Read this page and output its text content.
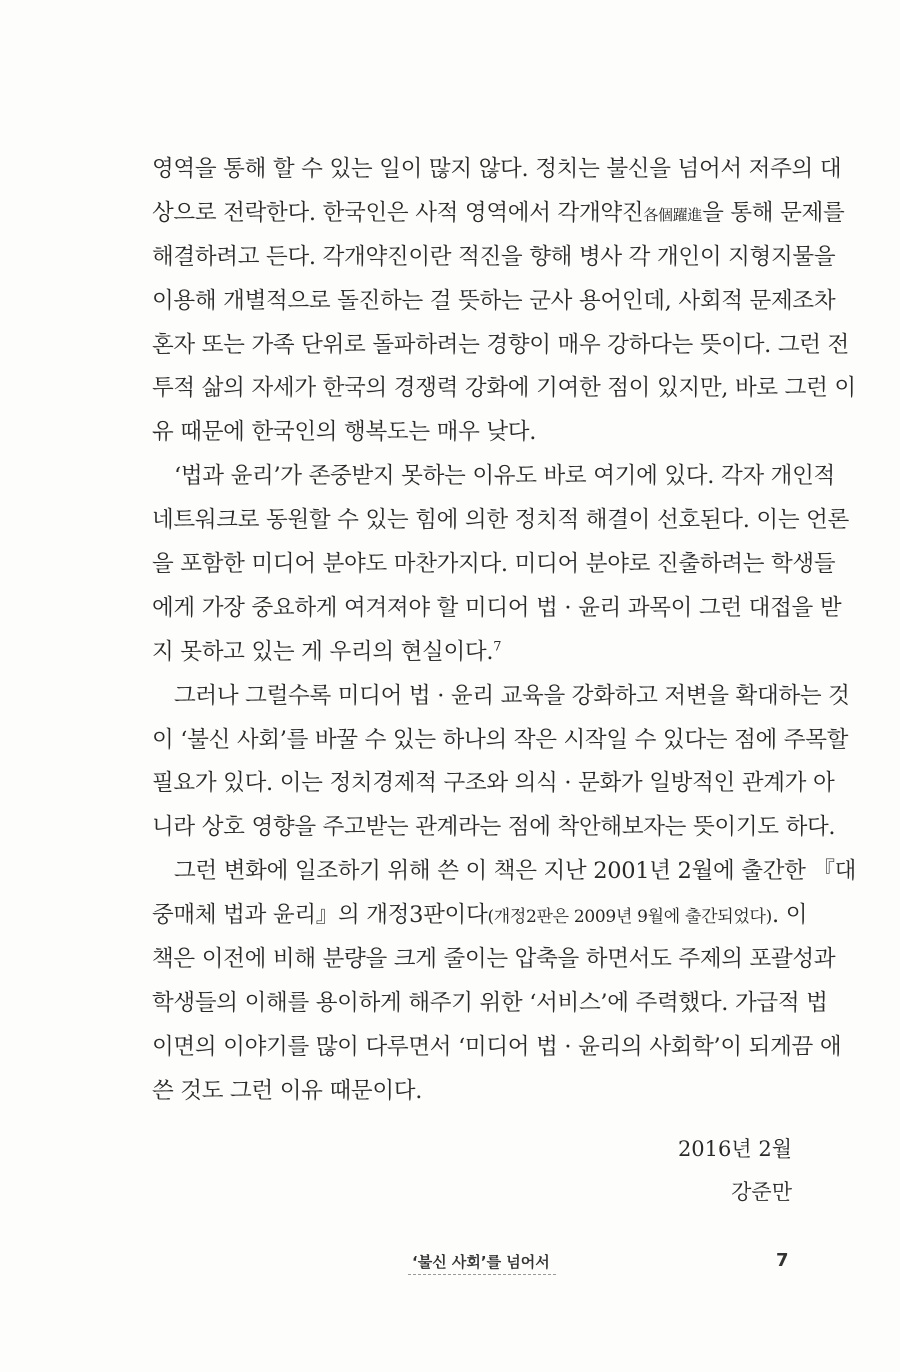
영역을 통해 할 수 있는 일이 많지 않다. 정치는 불신을 넘어서 저주의 대
상으로 전락한다. 한국인은 사적 영역에서 각개약진各個躍進을 통해 문제를
해결하려고 든다. 각개약진이란 적진을 향해 병사 각 개인이 지형지물을
이용해 개별적으로 돌진하는 걸 뜻하는 군사 용어인데, 사회적 문제조차
혼자 또는 가족 단위로 돌파하려는 경향이 매우 강하다는 뜻이다. 그런 전
투적 삶의 자세가 한국의 경쟁력 강화에 기여한 점이 있지만, 바로 그런 이
유 때문에 한국인의 행복도는 매우 낮다.
‘법과 윤리’가 존중받지 못하는 이유도 바로 여기에 있다. 각자 개인적
네트워크로 동원할 수 있는 힘에 의한 정치적 해결이 선호된다. 이는 언론
을 포함한 미디어 분야도 마찬가지다. 미디어 분야로 진출하려는 학생들
에게 가장 중요하게 여겨져야 할 미디어 법 · 윤리 과목이 그런 대접을 받
지 못하고 있는 게 우리의 현실이다.$^7$
그러나 그럴수록 미디어 법 · 윤리 교육을 강화하고 저변을 확대하는 것
이 ‘불신 사회’를 바꿀 수 있는 하나의 작은 시작일 수 있다는 점에 주목할
필요가 있다. 이는 정치경제적 구조와 의식 · 문화가 일방적인 관계가 아
니라 상호 영향을 주고받는 관계라는 점에 착안해보자는 뜻이기도 하다.
그런 변화에 일조하기 위해 쓴 이 책은 지난 2001년 2월에 출간한 『대
중매체 법과 윤리』의 개정3판이다(개정2판은 2009년 9월에 출간되었다). 이
책은 이전에 비해 분량을 크게 줄이는 압축을 하면서도 주제의 포괄성과
학생들의 이해를 용이하게 해주기 위한 ‘서비스’에 주력했다. 가급적 법
이면의 이야기를 많이 다루면서 ‘미디어 법 · 윤리의 사회학’이 되게끔 애
쓴 것도 그런 이유 때문이다.
2016년 2월
강준만
‘불신 사회’를 넘어서	7
